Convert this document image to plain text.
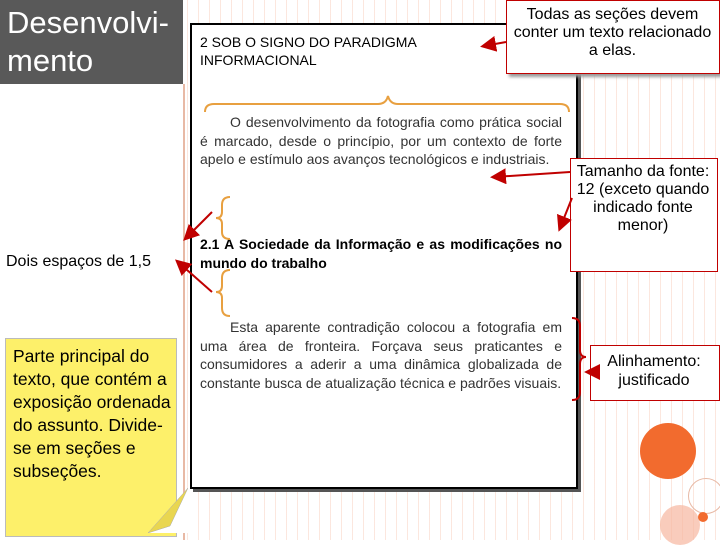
Desenvolvi-
mento
Dois espaços de 1,5
Parte principal do texto, que contém a exposição ordenada do assunto. Divide-se em seções e subseções.
2 SOB O SIGNO DO PARADIGMA INFORMACIONAL
O desenvolvimento da fotografia como prática social é marcado, desde o princípio, por um contexto de forte apelo e estímulo aos avanços tecnológicos e industriais.
2.1 A Sociedade da Informação e as modificações no mundo do trabalho
Esta aparente contradição colocou a fotografia em uma área de fronteira. Forçava seus praticantes e consumidores a aderir a uma dinâmica globalizada de constante busca de atualização técnica e padrões visuais.
Todas as seções devem conter um texto relacionado a elas.
Tamanho da fonte: 12 (exceto quando indicado fonte menor)
Alinhamento: justificado
